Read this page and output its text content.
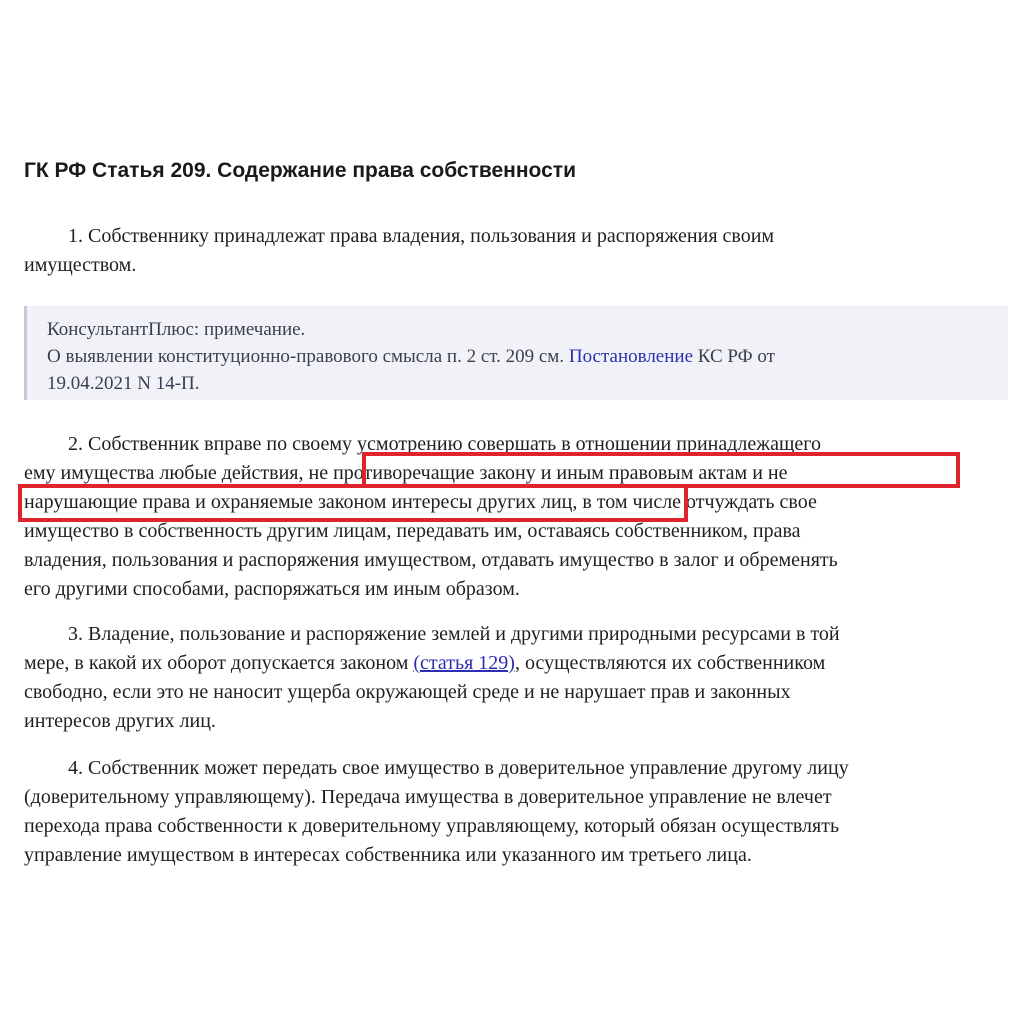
ГК РФ Статья 209. Содержание права собственности

1. Собственнику принадлежат права владения, пользования и распоряжения своим
имуществом.

КонсультантПлюс: примечание.
О выявлении конституционно-правового смысла п. 2 ст. 209 см. Постановление КС РФ от
19.04.2021 N 14-П.

2. Собственник вправе по своему усмотрению совершать в отношении принадлежащего
ему имущества любые действия, не противоречащие закону и иным правовым актам и не
нарушающие права и охраняемые законом интересы других лиц, в том числе отчуждать свое
имущество в собственность другим лицам, передавать им, оставаясь собственником, права
владения, пользования и распоряжения имуществом, отдавать имущество в залог и обременять
его другими способами, распоряжаться им иным образом.

3. Владение, пользование и распоряжение землей и другими природными ресурсами в той
мере, в какой их оборот допускается законом (статья 129), осуществляются их собственником
свободно, если это не наносит ущерба окружающей среде и не нарушает прав и законных
интересов других лиц.

4. Собственник может передать свое имущество в доверительное управление другому лицу
(доверительному управляющему). Передача имущества в доверительное управление не влечет
перехода права собственности к доверительному управляющему, который обязан осуществлять
управление имуществом в интересах собственника или указанного им третьего лица.
